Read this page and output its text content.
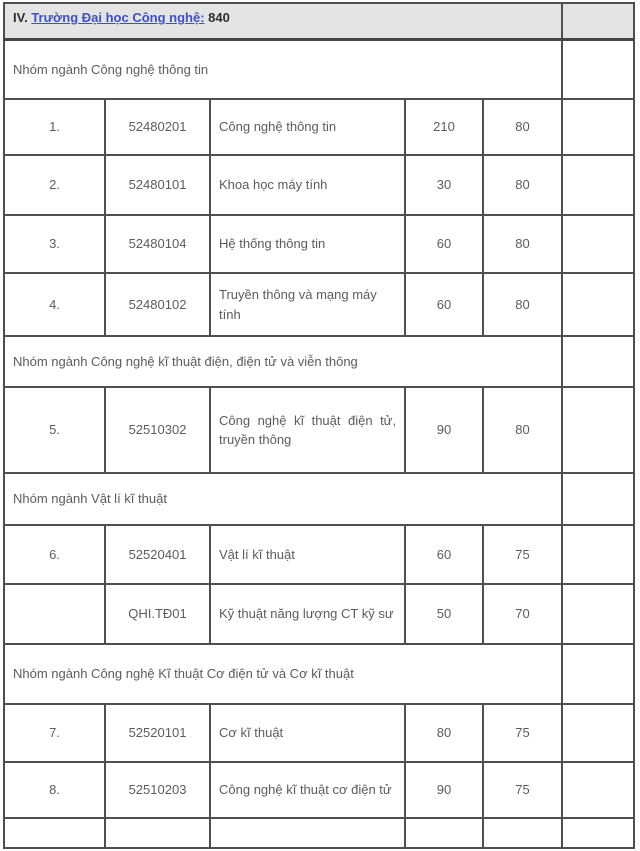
IV. Trường Đại học Công nghệ: 840					
Nhóm ngành Công nghệ thông tin					
1.	52480201	Công nghệ thông tin	210	80	
2.	52480101	Khoa học máy tính	30	80	
3.	52480104	Hệ thống thông tin	60	80	
4.	52480102	Truyền thông và mạng máy tính	60	80	
Nhóm ngành Công nghệ kĩ thuật điện, điện tử và viễn thông					
5.	52510302	Công nghệ kĩ thuật điện tử, truyền thông	90	80	
Nhóm ngành Vật lí kĩ thuật					
6.	52520401	Vật lí kĩ thuật	60	75	
	QHI.TĐ01	Kỹ thuật năng lượng CT kỹ sư	50	70	
Nhóm ngành Công nghệ Kĩ thuật Cơ điện tử và Cơ kĩ thuật					
7.	52520101	Cơ kĩ thuật	80	75	
8.	52510203	Công nghệ kĩ thuật cơ điện tử	90	75	
